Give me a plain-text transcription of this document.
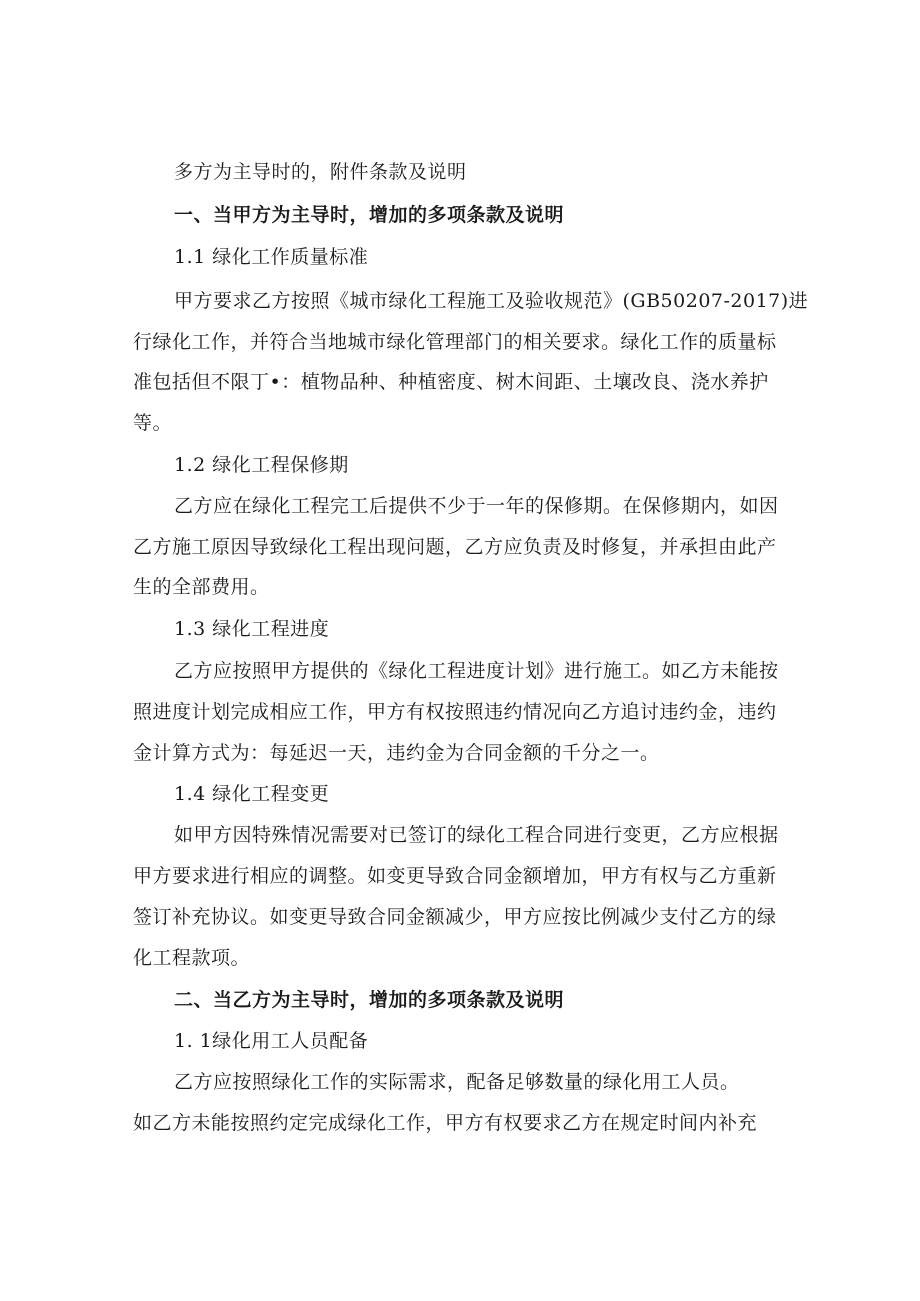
多方为主导时的，附件条款及说明
一、当甲方为主导时，增加的多项条款及说明
1.1 绿化工作质量标准
甲方要求乙方按照《城市绿化工程施工及验收规范》(GB50207-2017)进
行绿化工作，并符合当地城市绿化管理部门的相关要求。绿化工作的质量标
准包括但不限丁•：植物品种、种植密度、树木间距、土壤改良、浇水养护
等。
1.2 绿化工程保修期
乙方应在绿化工程完工后提供不少于一年的保修期。在保修期内，如因
乙方施工原因导致绿化工程出现问题，乙方应负责及时修复，并承担由此产
生的全部费用。
1.3 绿化工程进度
乙方应按照甲方提供的《绿化工程进度计划》进行施工。如乙方未能按
照进度计划完成相应工作，甲方有权按照违约情况向乙方追讨违约金，违约
金计算方式为：每延迟一天，违约金为合同金额的千分之一。
1.4 绿化工程变更
如甲方因特殊情况需要对已签订的绿化工程合同进行变更，乙方应根据
甲方要求进行相应的调整。如变更导致合同金额增加，甲方有权与乙方重新
签订补充协议。如变更导致合同金额减少，甲方应按比例减少支付乙方的绿
化工程款项。
二、当乙方为主导时，增加的多项条款及说明
1. 1绿化用工人员配备
乙方应按照绿化工作的实际需求，配备足够数量的绿化用工人员。
如乙方未能按照约定完成绿化工作，甲方有权要求乙方在规定时间内补充
